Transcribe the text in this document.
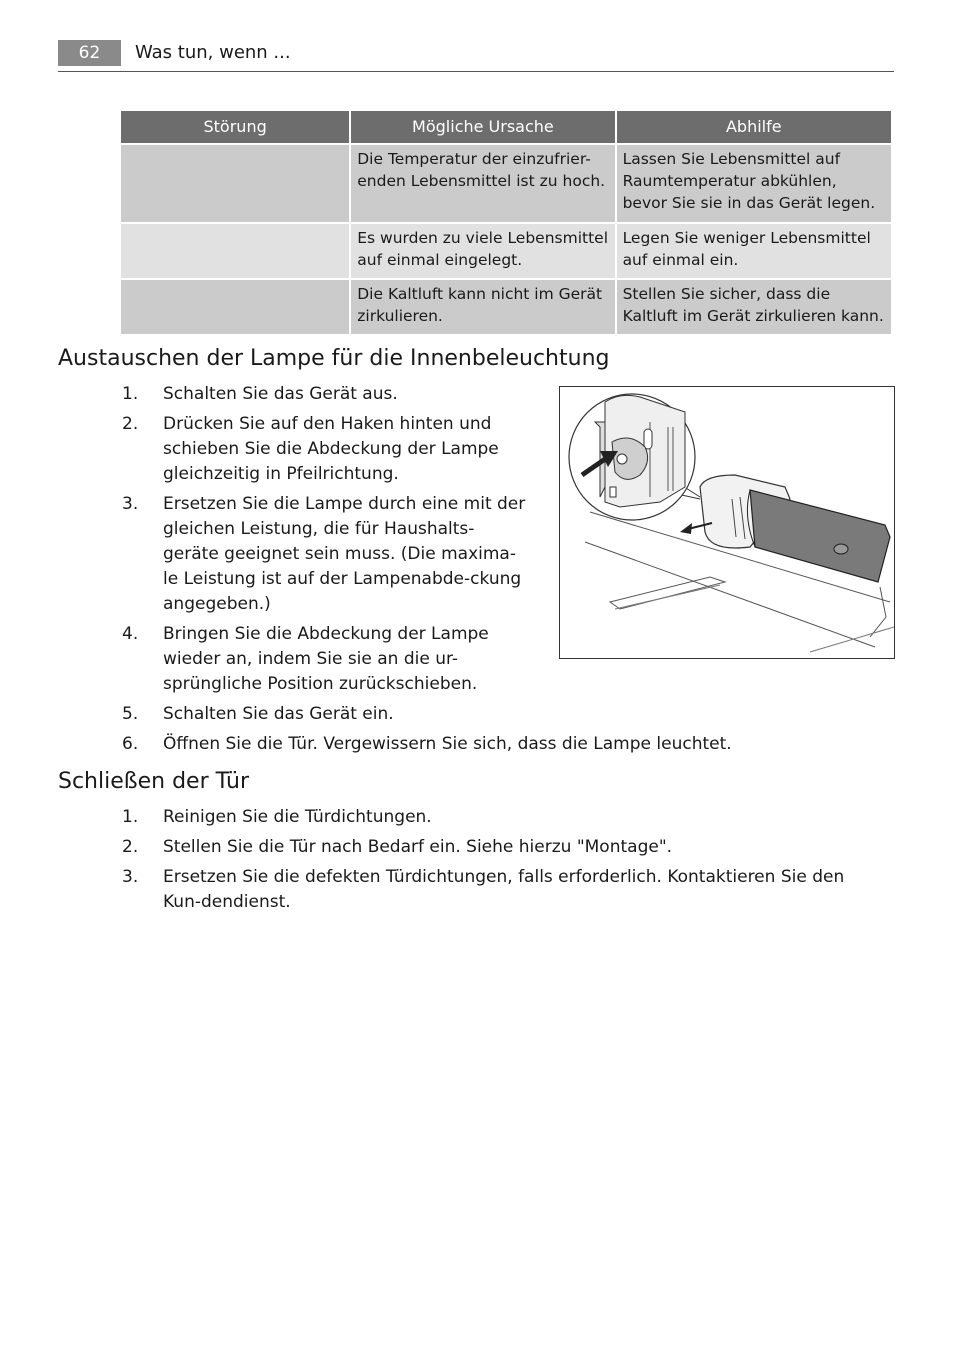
62	Was tun, wenn ...
Störung	Mögliche Ursache	Abhilfe
	Die Temperatur der einzufrier-enden Lebensmittel ist zu hoch.	Lassen Sie Lebensmittel auf Raumtemperatur abkühlen, bevor Sie sie in das Gerät legen.
	Es wurden zu viele Lebensmittel auf einmal eingelegt.	Legen Sie weniger Lebensmittel auf einmal ein.
	Die Kaltluft kann nicht im Gerät zirkulieren.	Stellen Sie sicher, dass die Kaltluft im Gerät zirkulieren kann.
Austauschen der Lampe für die Innenbeleuchtung
1. Schalten Sie das Gerät aus.
2. Drücken Sie auf den Haken hinten und schieben Sie die Abdeckung der Lampe gleichzeitig in Pfeilrichtung.
3. Ersetzen Sie die Lampe durch eine mit der gleichen Leistung, die für Haushalts-geräte geeignet sein muss. (Die maxima-le Leistung ist auf der Lampenabde-ckung angegeben.)
4. Bringen Sie die Abdeckung der Lampe wieder an, indem Sie sie an die ur-sprüngliche Position zurückschieben.
5. Schalten Sie das Gerät ein.
6. Öffnen Sie die Tür. Vergewissern Sie sich, dass die Lampe leuchtet.
Schließen der Tür
1. Reinigen Sie die Türdichtungen.
2. Stellen Sie die Tür nach Bedarf ein. Siehe hierzu "Montage".
3. Ersetzen Sie die defekten Türdichtungen, falls erforderlich. Kontaktieren Sie den Kun-dendienst.
